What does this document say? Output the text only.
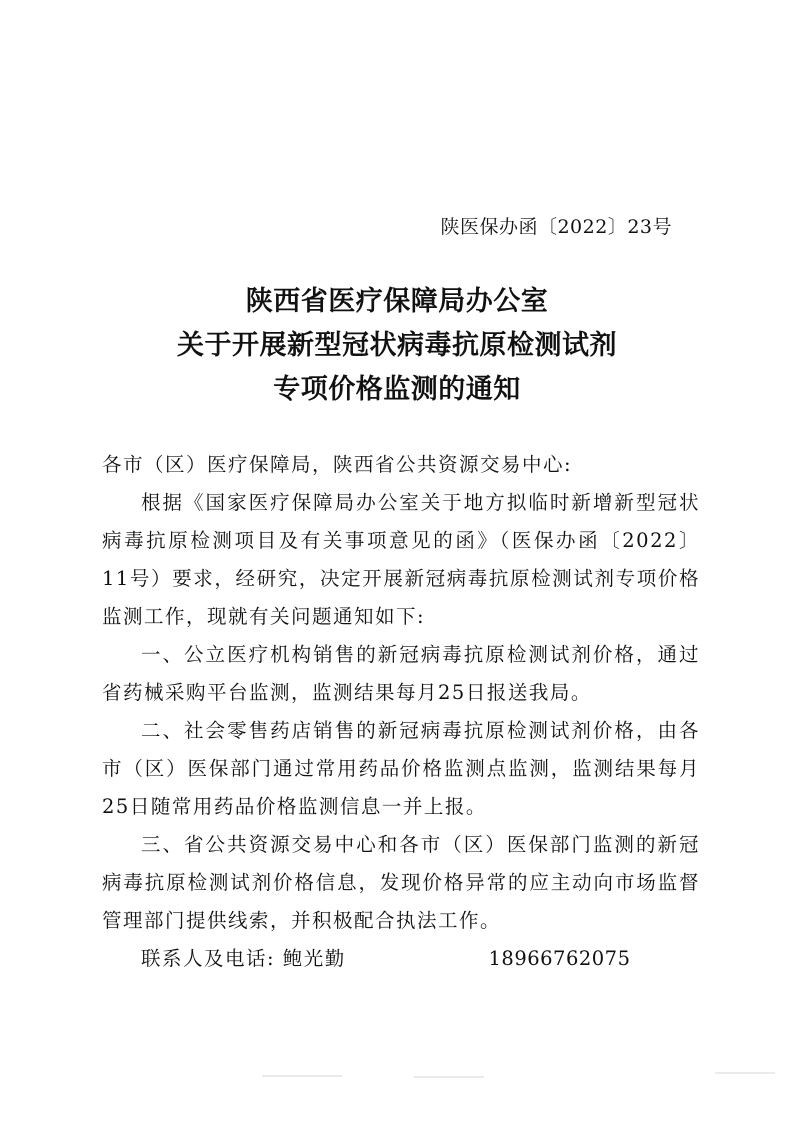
陕医保办函〔2022〕23号
陕西省医疗保障局办公室
关于开展新型冠状病毒抗原检测试剂
专项价格监测的通知

各市（区）医疗保障局，陕西省公共资源交易中心:

根据《国家医疗保障局办公室关于地方拟临时新增新型冠状病毒抗原检测项目及有关事项意见的函》（医保办函〔2022〕11号）要求，经研究，决定开展新冠病毒抗原检测试剂专项价格监测工作，现就有关问题通知如下:

一、公立医疗机构销售的新冠病毒抗原检测试剂价格，通过省药械采购平台监测，监测结果每月25日报送我局。

二、社会零售药店销售的新冠病毒抗原检测试剂价格，由各市（区）医保部门通过常用药品价格监测点监测，监测结果每月25日随常用药品价格监测信息一并上报。

三、省公共资源交易中心和各市（区）医保部门监测的新冠病毒抗原检测试剂价格信息，发现价格异常的应主动向市场监督管理部门提供线索，并积极配合执法工作。

联系人及电话: 鲍光勤	18966762075
